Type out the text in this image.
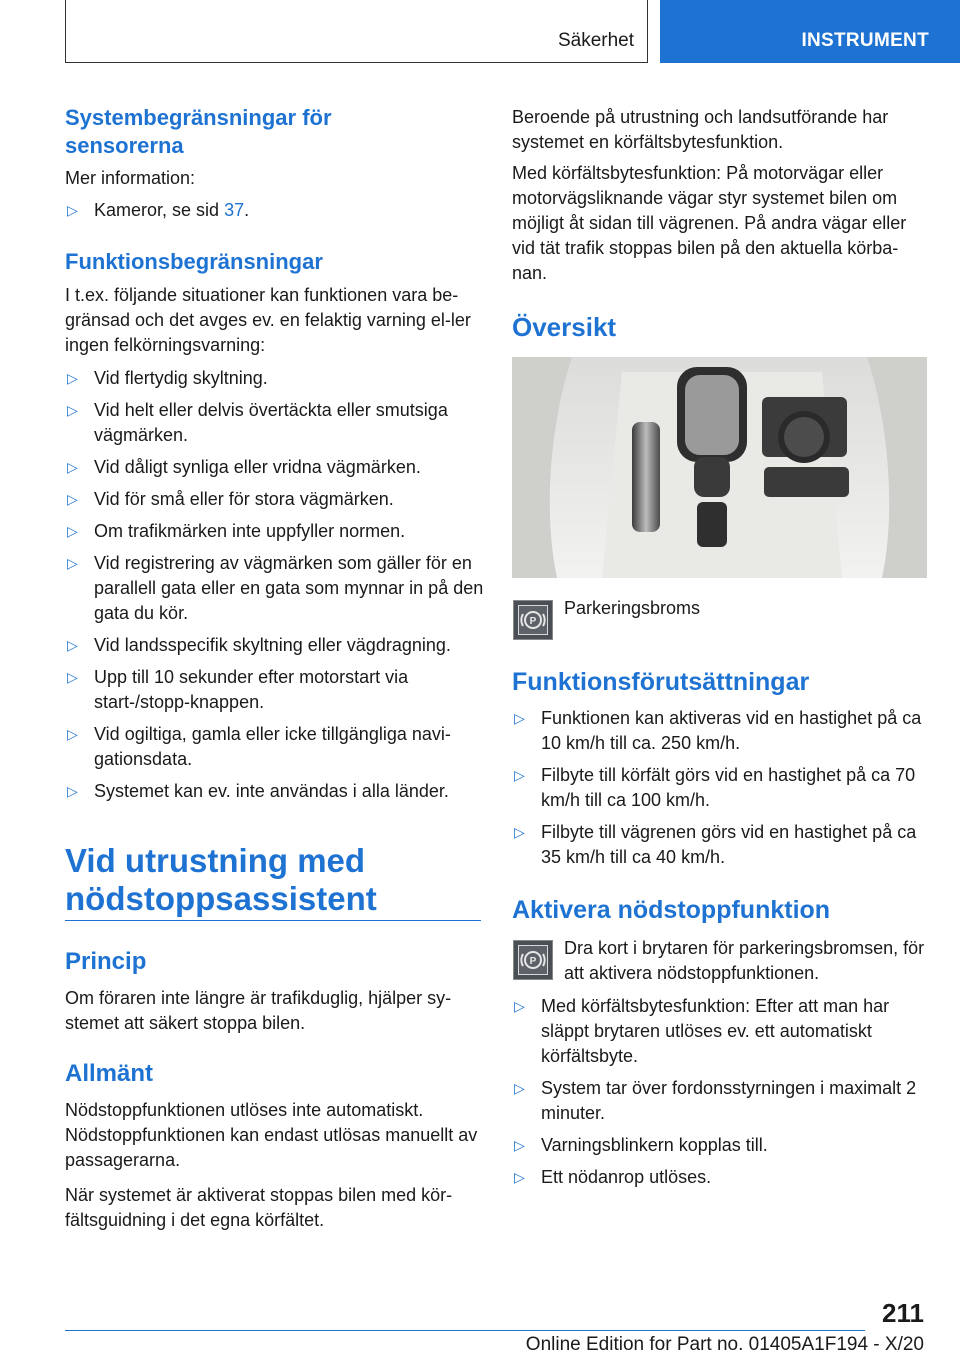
Säkerhet	INSTRUMENT
Systembegränsningar för sensorerna
Mer information:
▷ Kameror, se sid 37.
Funktionsbegränsningar
I t.ex. följande situationer kan funktionen vara be-gränsad och det avges ev. en felaktig varning el-ler ingen felkörningsvarning:
▷ Vid flertydig skyltning.
▷ Vid helt eller delvis övertäckta eller smutsiga vägmärken.
▷ Vid dåligt synliga eller vridna vägmärken.
▷ Vid för små eller för stora vägmärken.
▷ Om trafikmärken inte uppfyller normen.
▷ Vid registrering av vägmärken som gäller för en parallell gata eller en gata som mynnar in på den gata du kör.
▷ Vid landsspecifik skyltning eller vägdragning.
▷ Upp till 10 sekunder efter motorstart via start-/stopp-knappen.
▷ Vid ogiltiga, gamla eller icke tillgängliga navi-gationsdata.
▷ Systemet kan ev. inte användas i alla länder.
Vid utrustning med nödstoppsassistent
Princip
Om föraren inte längre är trafikduglig, hjälper sy-stemet att säkert stoppa bilen.
Allmänt
Nödstoppfunktionen utlöses inte automatiskt. Nödstoppfunktionen kan endast utlösas manuellt av passagerarna.
När systemet är aktiverat stoppas bilen med kör-fältsguidning i det egna körfältet.
Beroende på utrustning och landsutförande har systemet en körfältsbytesfunktion.
Med körfältsbytesfunktion: På motorvägar eller motorvägsliknande vägar styr systemet bilen om möjligt åt sidan till vägrenen. På andra vägar eller vid tät trafik stoppas bilen på den aktuella körba-nan.
Översikt
P
Parkeringsbroms
Funktionsförutsättningar
▷ Funktionen kan aktiveras vid en hastighet på ca 10 km/h till ca. 250 km/h.
▷ Filbyte till körfält görs vid en hastighet på ca 70 km/h till ca 100 km/h.
▷ Filbyte till vägrenen görs vid en hastighet på ca 35 km/h till ca 40 km/h.
Aktivera nödstoppfunktion
P
Dra kort i brytaren för parkeringsbromsen, för att aktivera nödstoppfunktionen.
▷ Med körfältsbytesfunktion: Efter att man har släppt brytaren utlöses ev. ett automatiskt körfältsbyte.
▷ System tar över fordonsstyrningen i maximalt 2 minuter.
▷ Varningsblinkern kopplas till.
▷ Ett nödanrop utlöses.
211
Online Edition for Part no. 01405A1F194 - X/20
